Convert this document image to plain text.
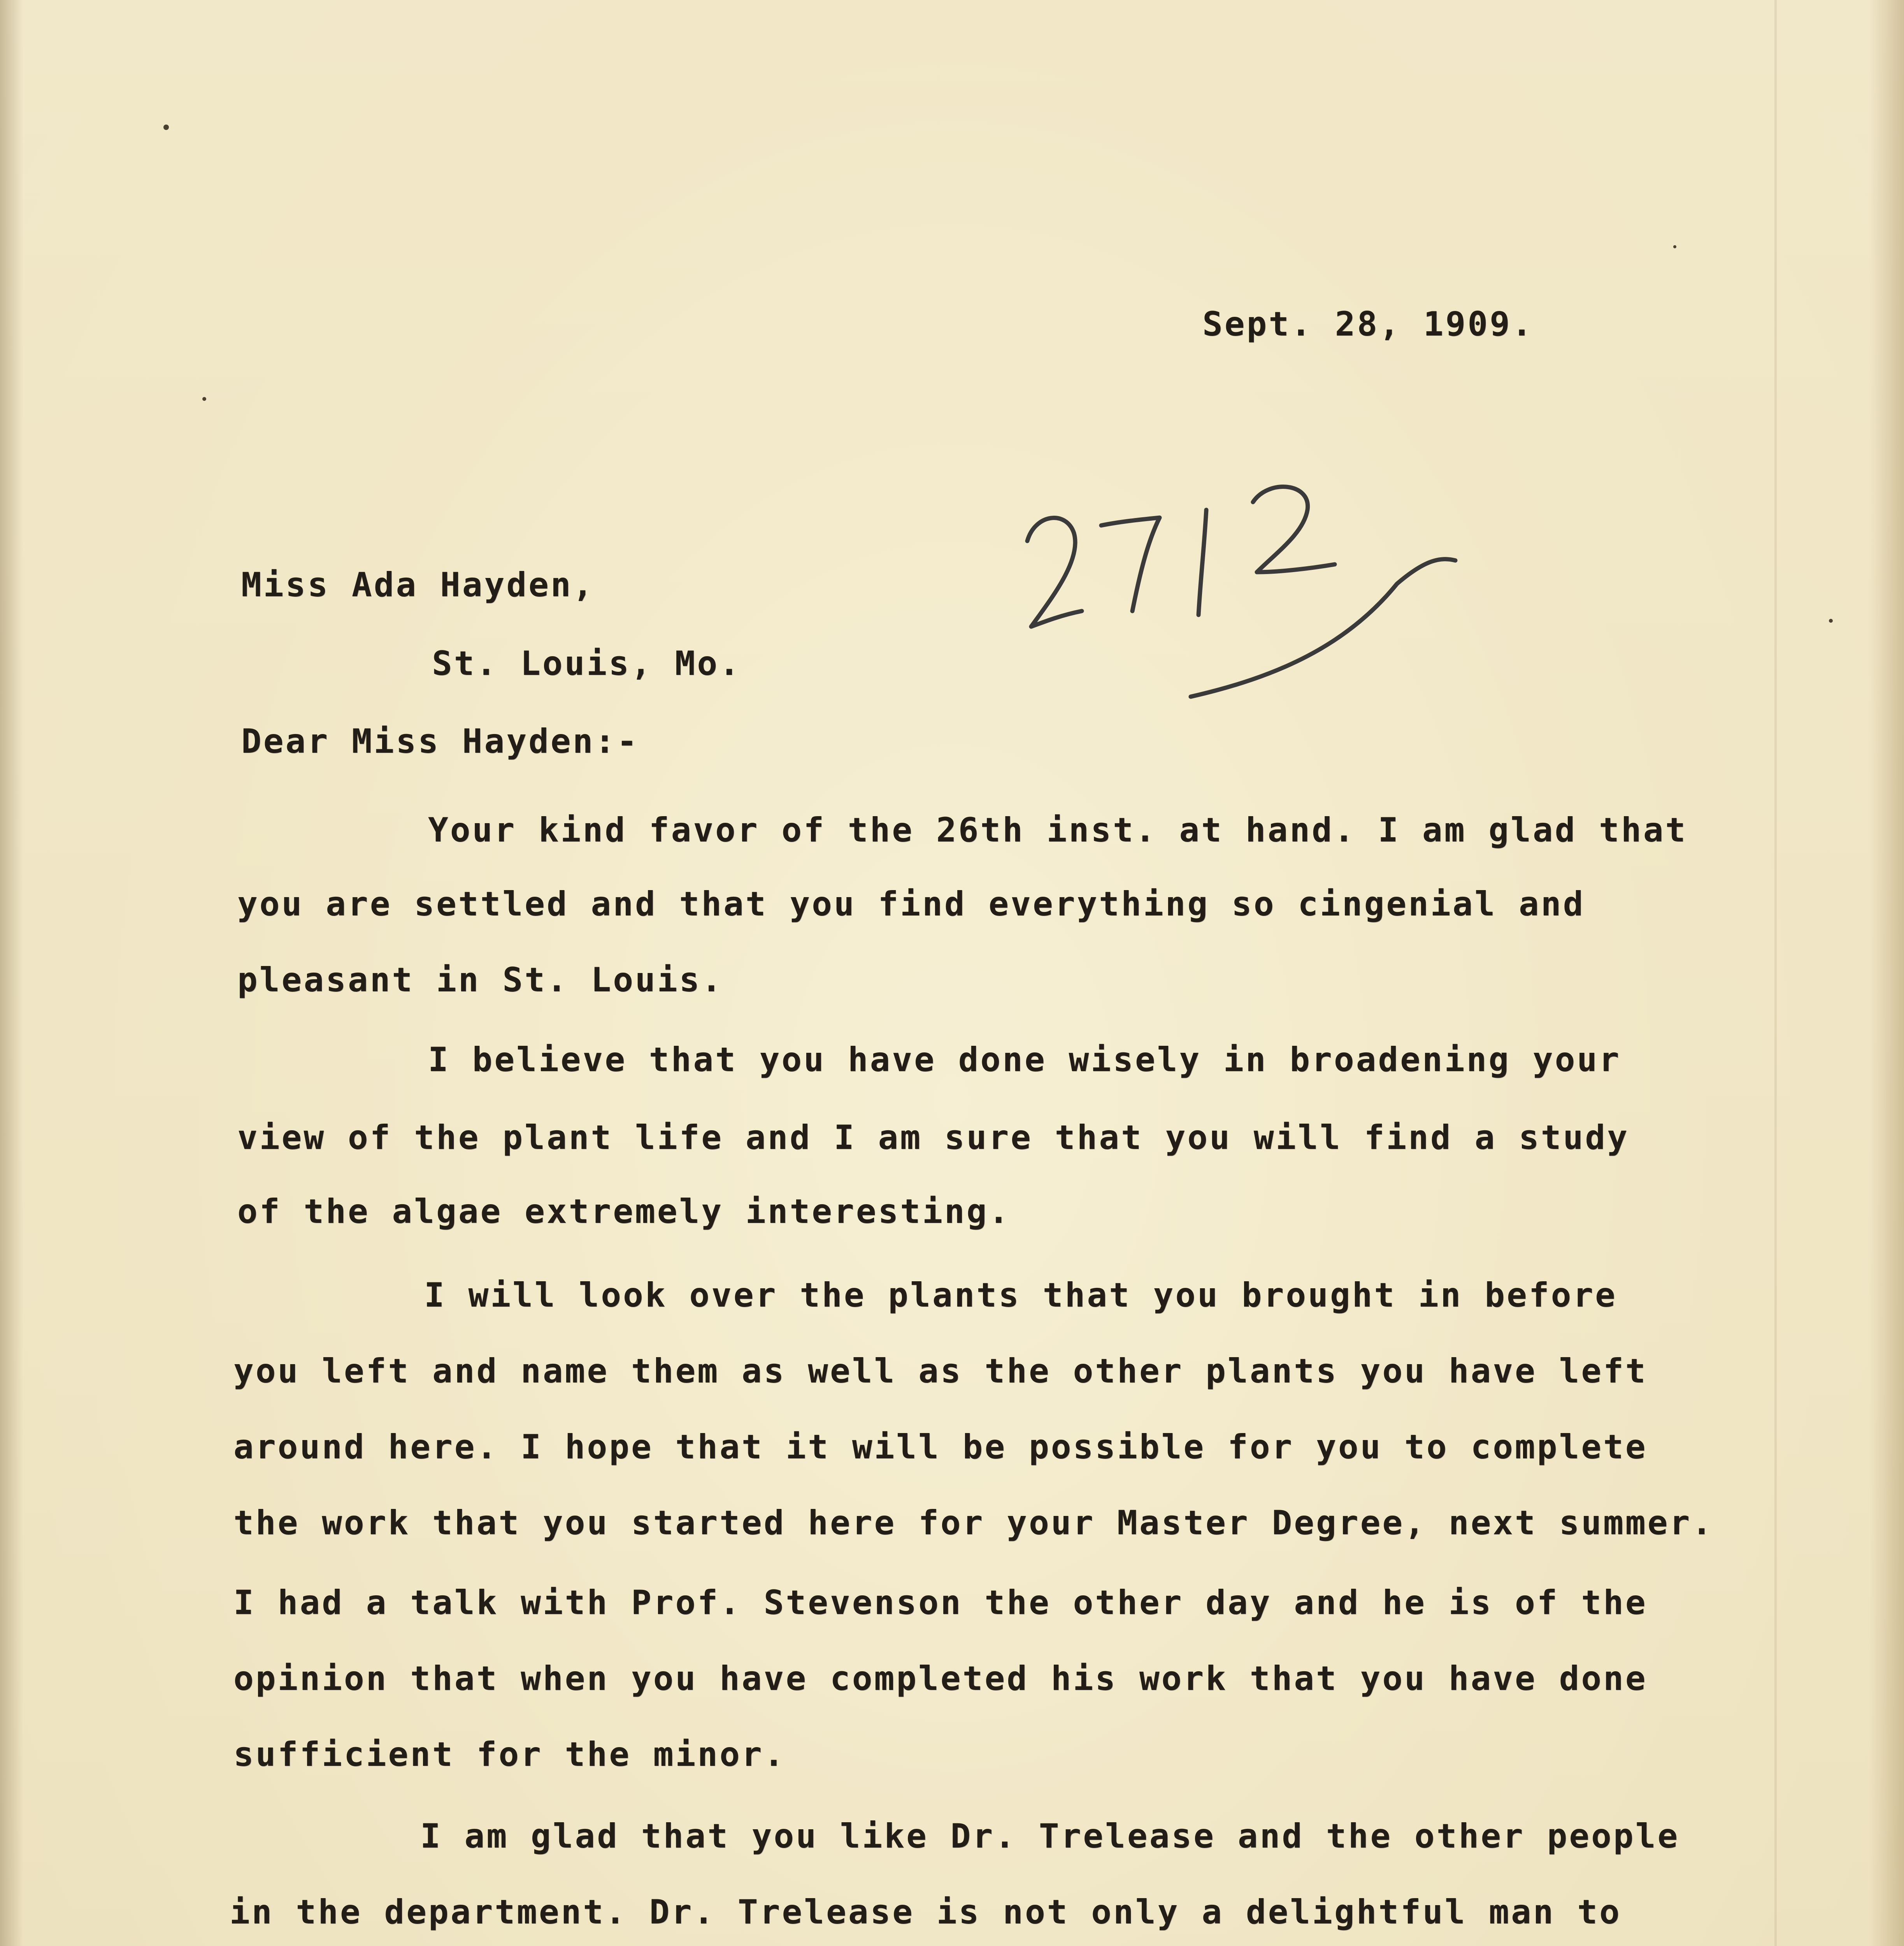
Sept. 28, 1909.
Miss Ada Hayden,
St. Louis, Mo.
Dear Miss Hayden:-
Your kind favor of the 26th inst. at hand. I am glad that
you are settled and that you find everything so cingenial and
pleasant in St. Louis.
I believe that you have done wisely in broadening your
view of the plant life and I am sure that you will find a study
of the algae extremely interesting.
I will look over the plants that you brought in before
you left and name them as well as the other plants you have left
around here. I hope that it will be possible for you to complete
the work that you started here for your Master Degree, next summer.
I had a talk with Prof. Stevenson the other day and he is of the
opinion that when you have completed his work that you have done
sufficient for the minor.
I am glad that you like Dr. Trelease and the other people
in the department. Dr. Trelease is not only a delightful man to
